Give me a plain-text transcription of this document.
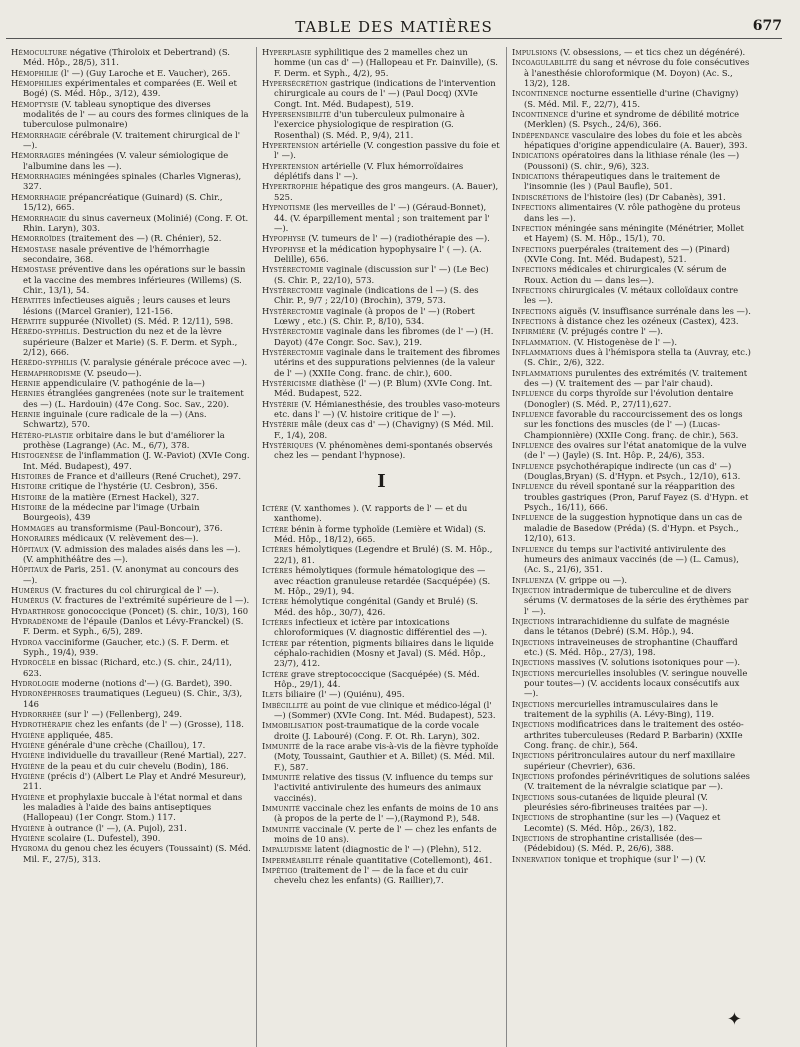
TABLE DES MATIÈRES	677

Hémoculture négative (Thiroloix et Debertrand) (S. Méd. Hôp., 28/5), 311.

Hémophilie (l' —) (Guy Laroche et E. Vaucher), 265.

Hémophilies expérimentales et comparées (E. Weil et Bogé) (S. Méd. Hôp., 3/12), 439.

Hémoptysie (V. tableau synoptique des diverses modalités de l' — au cours des formes cliniques de la tuberculose pulmonaire)

Hémorrhagie cérébrale (V. traitement chirurgical de l' —).

Hémorragies méningées (V. valeur sémiologique de l'albumine dans les —).

Hémorrhagies méningées spinales (Charles Vigneras), 327.

Hémorrhagie prépancréatique (Guinard) (S. Chir., 15/12), 665.

Hémorrhagie du sinus caverneux (Molinié) (Cong. F. Ot. Rhin. Laryn), 303.

Hémorroïdes (traitement des —) (R. Chénier), 52.

Hémostase nasale préventive de l'hémorrhagie secondaire, 368.

Hémostase préventive dans les opérations sur le bassin et la vaccine des membres inférieures (Willems) (S. Chir., 13/1), 54.

Hépatites infectieuses aiguës ; leurs causes et leurs lésions ((Marcel Granier), 121-156.

Hépatite suppurée (Nivollet) (S. Méd. P. 12/11), 598.

Hérédo-syphilis. Destruction du nez et de la lèvre supérieure (Balzer et Marie) (S. F. Derm. et Syph., 2/12), 666.

Hérédo-syphilis (V. paralysie générale précoce avec —).

Hermaphrodisme (V. pseudo—).

Hernie appendiculaire (V. pathogénie de la—)

Hernies étranglées gangrenées (note sur le traitement des —) (L. Hardouin) (47e Cong. Soc. Sav., 220).

Hernie inguinale (cure radicale de la —) (Ans. Schwartz), 570.

Hétéro-plastie orbitaire dans le but d'améliorer la prothèse (Lagrange) (Ac. M., 6/7), 378.

Histogenèse de l'inflammation (J. W.-Paviot) (XVIe Cong. Int. Méd. Budapest), 497.

Histoires de France et d'ailleurs (René Cruchet), 297.

Histoire critique de l'hystérie (U. Cesbron), 356.

Histoire de la matière (Ernest Hackel), 327.

Histoire de la médecine par l'image (Urbain Bourgeois), 439

Hommages au transformisme (Paul-Boncour), 376.

Honoraires médicaux (V. relèvement des—).

Hôpitaux (V. admission des malades aisés dans les —). (V. amphithéâtre des —).

Hôpitaux de Paris, 251. (V. anonymat au concours des —).

Humérus (V. fractures du col chirurgical de l' —).

Humérus (V. fractures de l'extrémité supérieure de l —).

Hydarthrose gonococcique (Poncet) (S. chir., 10/3), 160

Hydradénome de l'épaule (Danlos et Lévy-Franckel) (S. F. Derm. et Syph., 6/5), 289.

Hydroa vacciniforme (Gaucher, etc.) (S. F. Derm. et Syph., 19/4), 939.

Hydrocèle en bissac (Richard, etc.) (S. chir., 24/11), 623.

Hydrologie moderne (notions d'—) (G. Bardet), 390.

Hydronéphroses traumatiques (Legueu) (S. Chir., 3/3), 146

Hydrorrhée (sur l' —) (Fellenberg), 249.

Hydrothérapie chez les enfants (de l' —) (Grosse), 118.

Hygiène appliquée, 485.

Hygiène générale d'une crèche (Chaillou), 17.

Hygiène individuelle du travailleur (René Martial), 227.

Hygiène de la peau et du cuir chevelu (Bodin), 186.

Hygiène (précis d') (Albert Le Play et André Mesureur), 211.

Hygiène et prophylaxie buccale à l'état normal et dans les maladies à l'aide des bains antiseptiques (Hallopeau) (1er Congr. Stom.) 117.

Hygiène à outrance (l' —), (A. Pujol), 231.

Hygiène scolaire (L. Dufestel), 390.

Hygroma du genou chez les écuyers (Toussaint) (S. Méd. Mil. F., 27/5), 313.

Hyperplasie syphilitique des 2 mamelles chez un homme (un cas d' —) (Hallopeau et Fr. Dainville), (S. F. Derm. et Syph., 4/2), 95.

Hypersécrétion gastrique (indications de l'intervention chirurgicale au cours de l' —) (Paul Docq) (XVIe Congt. Int. Méd. Budapest), 519.

Hypersensibilité d'un tuberculeux pulmonaire à l'exercice physiologique de respiration (G. Rosenthal) (S. Méd. P., 9/4), 211.

Hypertension artérielle (V. congestion passive du foie et l' —).

Hypertension artérielle (V. Flux hémorroïdaires déplétifs dans l' —).

Hypertrophie hépatique des gros mangeurs. (A. Bauer), 525.

Hypnotisme (les merveilles de l' —) (Géraud-Bonnet), 44. (V. éparpillement mental ; son traitement par l' —).

Hypophyse (V. tumeurs de l' —) (radiothérapie des —).

Hypophyse et la médication hypophysaire l' ( —). (A. Delille), 656.

Hystérectomie vaginale (discussion sur l' —) (Le Bec) (S. Chir. P., 22/10), 573.

Hystérectomie vaginale (indications de l —) (S. des Chir. P., 9/7 ; 22/10) (Brochin), 379, 573.

Hystérectomie vaginale (à propos de l' —) (Robert Lœwy , etc.) (S. Chir. P., 8/10), 534.

Hystérectomie vaginale dans les fibromes (de l' —) (H. Dayot) (47e Congr. Soc. Sav.), 219.

Hystérectomie vaginale dans le traitement des fibromes utérins et des suppurations pelviennes (de la valeur de l' —) (XXIIe Cong. franc. de chir.), 600.

Hystéricisme diathèse (l' —) (P. Blum) (XVIe Cong. Int. Méd. Budapest, 522.

Hystérie (V. Hémianesthésie, des troubles vaso-moteurs etc. dans l' —) (V. histoire critique de l' —).

Hystérie mâle (deux cas d' —) (Chavigny) (S Méd. Mil. F., 1/4), 208.

Hystériques (V. phénomènes demi-spontanés observés chez les — pendant l'hypnose).

I

Ictère (V. xanthomes ). (V. rapports de l' — et du xanthome).

Ictère bénin à forme typhoïde (Lemière et Widal) (S. Méd. Hôp., 18/12), 665.

Ictères hémolytiques (Legendre et Brulé) (S. M. Hôp., 22/1), 81.

Ictères hémolytiques (formule hématologique des — avec réaction granuleuse retardée (Sacquépée) (S. M. Hôp., 29/1), 94.

Ictère hémolytique congénital (Gandy et Brulé) (S. Méd. des hôp., 30/7), 426.

Ictères infectieux et ictère par intoxications chloroformiques (V. diagnostic différentiel des —).

Ictère par rétention, pigments biliaires dans le liquide céphalo-rachidien (Mosny et Javal) (S. Méd. Hôp., 23/7), 412.

Ictère grave streptococcique (Sacquépée) (S. Méd. Hôp., 29/1), 44.

Ilets biliaire (l' —) (Quiénu), 495.

Imbécillité au point de vue clinique et médico-légal (l' —) (Sommer) (XVIe Cong. Int. Méd. Budapest), 523.

Immobilisation post-traumatique de la corde vocale droite (J. Labouré) (Cong. F. Ot. Rh. Laryn), 302.

Immunité de la race arabe vis-à-vis de la fièvre typhoïde (Moty, Toussaint, Gauthier et A. Billet) (S. Méd. Mil. F.), 587.

Immunité relative des tissus (V. influence du temps sur l'activité antivirulente des humeurs des animaux vaccinés).

Immunité vaccinale chez les enfants de moins de 10 ans (à propos de la perte de l' —),(Raymond P.), 548.

Immunité vaccinale (V. perte de l' — chez les enfants de moins de 10 ans).

Impaludisme latent (diagnostic de l' —) (Plehn), 512.

Imperméabilité rénale quantitative (Cotellemont), 461.

Impétigo (traitement de l' — de la face et du cuir chevelu chez les enfants) (G. Raillier),7.

Impulsions (V. obsessions, — et tics chez un dégénéré).

Incoagulabilité du sang et névrose du foie consécutives à l'anesthésie chloroformique (M. Doyon) (Ac. S., 13/2), 128.

Incontinence nocturne essentielle d'urine (Chavigny) (S. Méd. Mil. F., 22/7), 415.

Incontinence d'urine et syndrome de débilité motrice (Merklen) (S. Psych., 24/6), 366.

Indépendance vasculaire des lobes du foie et les abcès hépatiques d'origine appendiculaire (A. Bauer), 393.

Indications opératoires dans la lithiase rénale (les —) (Poussoni) (S. chir., 9/6), 323.

Indications thérapeutiques dans le traitement de l'insomnie (les ) (Paul Baufle), 501.

Indiscrétions de l'histoire (les) (Dr Cabanès), 391.

Infections alimentaires (V. rôle pathogène du proteus dans les —).

Infection méningée sans méningite (Ménétrier, Mollet et Hayem) (S. M. Hôp., 15/1), 70.

Infections puerpérales (traitement des —) (Pinard) (XVIe Cong. Int. Méd. Budapest), 521.

Infections médicales et chirurgicales (V. sérum de Roux. Action du — dans les—).

Infections chirurgicales (V. métaux colloïdaux contre les —).

Infections aiguës (V. insuffisance surrénale dans les —).

Infections à distance chez les ozéneux (Castex), 423.

Infirmière (V. préjugés contre l' —).

Inflammation. (V. Histogenèse de l' —).

Inflammations dues à l'hémispora stella ta (Auvray, etc.) (S. Chir., 2/6), 322.

Inflammations purulentes des extrémités (V. traitement des —) (V. traitement des — par l'air chaud).

Influence du corps thyroïde sur l'évolution dentaire (Donogler) (S. Méd. P., 27/11),627.

Influence favorable du raccourcissement des os longs sur les fonctions des muscles (de l' —) (Lucas-Championnière) (XXIIe Cong. franç. de chir.), 563.

Influence des ovaires sur l'état anatomique de la vulve (de l' —) (Jayle) (S. Int. Hôp. P., 24/6), 353.

Influence psychothérapique indirecte (un cas d' —) (Douglas,Bryan) (S. d'Hypn. et Psych., 12/10), 613.

Influence du réveil spontané sur la réapparition des troubles gastriques (Pron, Paruf Fayez (S. d'Hypn. et Psych., 16/11), 666.

Influence de la suggestion hypnotique dans un cas de maladie de Basedow (Préda) (S. d'Hypn. et Psych., 12/10), 613.

Influence du temps sur l'activité antivirulente des humeurs des animaux vaccinés (de —) (L. Camus), (Ac. S., 21/6), 351.

Influenza (V. grippe ou —).

Injection intradermique de tuberculine et de divers sérums (V. dermatoses de la série des érythèmes par l' —).

Injections intrarachidienne du sulfate de magnésie dans le tétanos (Debré) (S.M. Hôp.), 94.

Injections intraveineuses de strophantine (Chauffard etc.) (S. Méd. Hôp., 27/3), 198.

Injections massives (V. solutions isotoniques pour —).

Injections mercurielles insolubles (V. seringue nouvelle pour toutes—) (V. accidents locaux consécutifs aux —).

Injections mercurielles intramusculaires dans le traitement de la syphilis (A. Lévy-Bing), 119.

Injections modificatrices dans le traitement des ostéo-arthrites tuberculeuses (Redard P. Barbarin) (XXIIe Cong. franç. de chir.), 564.

Injections péritronculaires autour du nerf maxillaire supérieur (Chevrier), 636.

Injections profondes périnévritiques de solutions salées (V. traitement de la névralgie sciatique par —).

Injections sous-cutanées de liquide pleural (V. pleurésies séro-fibrineuses traitées par —).

Injections de strophantine (sur les —) (Vaquez et Lecomte) (S. Méd. Hôp., 26/3), 182.

Injections de strophantine cristallisée (des— (Pédebidou) (S. Méd. P., 26/6), 388.

Innervation tonique et trophique (sur l' —) (V.

✦
